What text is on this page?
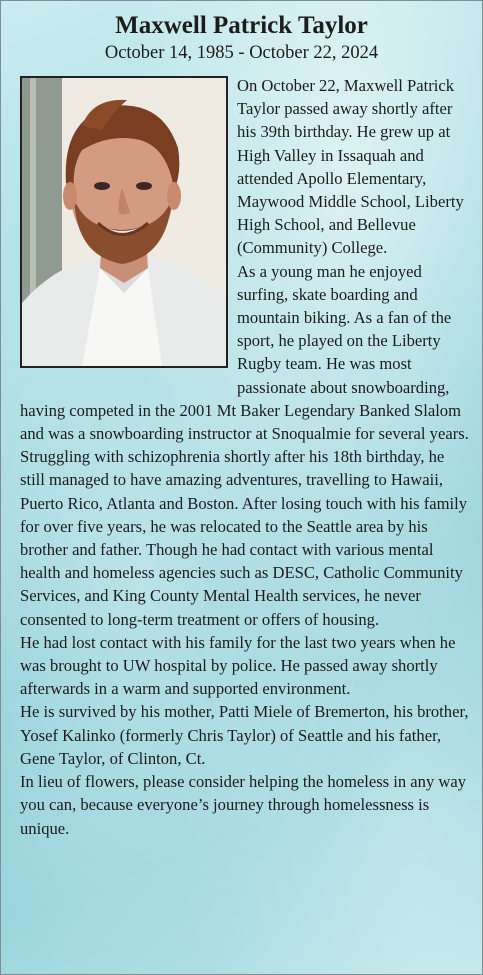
Maxwell Patrick Taylor
October 14, 1985 - October 22, 2024

On October 22, Maxwell Patrick Taylor passed away shortly after his 39th birthday. He grew up at High Valley in Issaquah and attended Apollo Elementary, Maywood Middle School, Liberty High School, and Bellevue (Community) College.

As a young man he enjoyed surfing, skate boarding and mountain biking. As a fan of the sport, he played on the Liberty Rugby team. He was most passionate about snowboarding, having competed in the 2001 Mt Baker Legendary Banked Slalom and was a snowboarding instructor at Snoqualmie for several years.

Struggling with schizophrenia shortly after his 18th birthday, he still managed to have amazing adventures, travelling to Hawaii, Puerto Rico, Atlanta and Boston. After losing touch with his family for over five years, he was relocated to the Seattle area by his brother and father. Though he had contact with various mental health and homeless agencies such as DESC, Catholic Community Services, and King County Mental Health services, he never consented to long-term treatment or offers of housing.

He had lost contact with his family for the last two years when he was brought to UW hospital by police. He passed away shortly afterwards in a warm and supported environment.

He is survived by his mother, Patti Miele of Bremerton, his brother, Yosef Kalinko (formerly Chris Taylor) of Seattle and his father, Gene Taylor, of Clinton, Ct.

In lieu of flowers, please consider helping the homeless in any way you can, because everyone’s journey through homelessness is unique.
